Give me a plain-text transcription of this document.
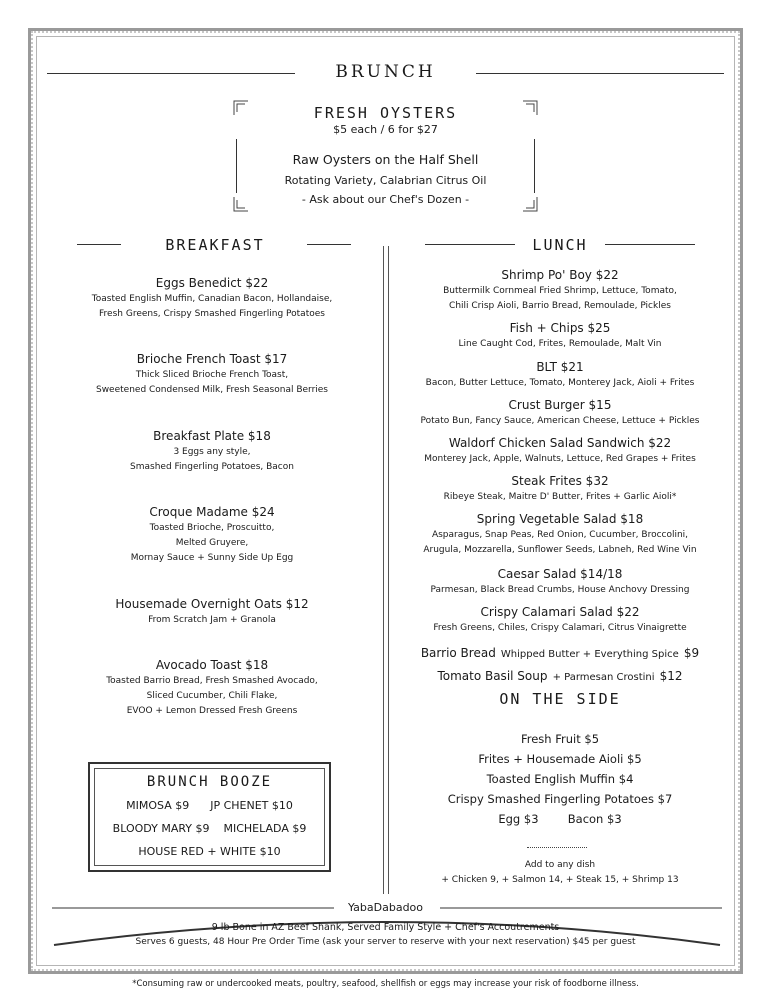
BRUNCH
FRESH OYSTERS
$5 each / 6 for $27
Raw Oysters on the Half Shell
Rotating Variety, Calabrian Citrus Oil
- Ask about our Chef's Dozen -
BREAKFAST	LUNCH
Eggs Benedict $22
Toasted English Muffin, Canadian Bacon, Hollandaise,
Fresh Greens, Crispy Smashed Fingerling Potatoes
Brioche French Toast $17
Thick Sliced Brioche French Toast,
Sweetened Condensed Milk, Fresh Seasonal Berries
Breakfast Plate $18
3 Eggs any style,
Smashed Fingerling Potatoes, Bacon
Croque Madame $24
Toasted Brioche, Proscuitto,
Melted Gruyere,
Mornay Sauce + Sunny Side Up Egg
Housemade Overnight Oats $12
From Scratch Jam + Granola
Avocado Toast $18
Toasted Barrio Bread, Fresh Smashed Avocado,
Sliced Cucumber, Chili Flake,
EVOO + Lemon Dressed Fresh Greens
BRUNCH BOOZE
MIMOSA $9      JP CHENET $10
BLOODY MARY $9    MICHELADA $9
HOUSE RED + WHITE $10
Shrimp Po' Boy $22
Buttermilk Cornmeal Fried Shrimp, Lettuce, Tomato,
Chili Crisp Aioli, Barrio Bread, Remoulade, Pickles
Fish + Chips $25
Line Caught Cod, Frites, Remoulade, Malt Vin
BLT $21
Bacon, Butter Lettuce, Tomato, Monterey Jack, Aioli + Frites
Crust Burger $15
Potato Bun, Fancy Sauce, American Cheese, Lettuce + Pickles
Waldorf Chicken Salad Sandwich $22
Monterey Jack, Apple, Walnuts, Lettuce, Red Grapes + Frites
Steak Frites $32
Ribeye Steak, Maitre D' Butter, Frites + Garlic Aioli*
Spring Vegetable Salad $18
Asparagus, Snap Peas, Red Onion, Cucumber, Broccolini,
Arugula, Mozzarella, Sunflower Seeds, Labneh, Red Wine Vin
Caesar Salad $14/18
Parmesan, Black Bread Crumbs, House Anchovy Dressing
Crispy Calamari Salad $22
Fresh Greens, Chiles, Crispy Calamari, Citrus Vinaigrette
Barrio Bread Whipped Butter + Everything Spice $9
Tomato Basil Soup + Parmesan Crostini $12
ON THE SIDE
Fresh Fruit $5
Frites + Housemade Aioli $5
Toasted English Muffin $4
Crispy Smashed Fingerling Potatoes $7
Egg $3        Bacon $3
Add to any dish
+ Chicken 9, + Salmon 14, + Steak 15, + Shrimp 13
YabaDabadoo
9 lb Bone in AZ Beef Shank, Served Family Style + Chef's Accoutrements
Serves 6 guests, 48 Hour Pre Order Time (ask your server to reserve with your next reservation) $45 per guest
*Consuming raw or undercooked meats, poultry, seafood, shellfish or eggs may increase your risk of foodborne illness.
